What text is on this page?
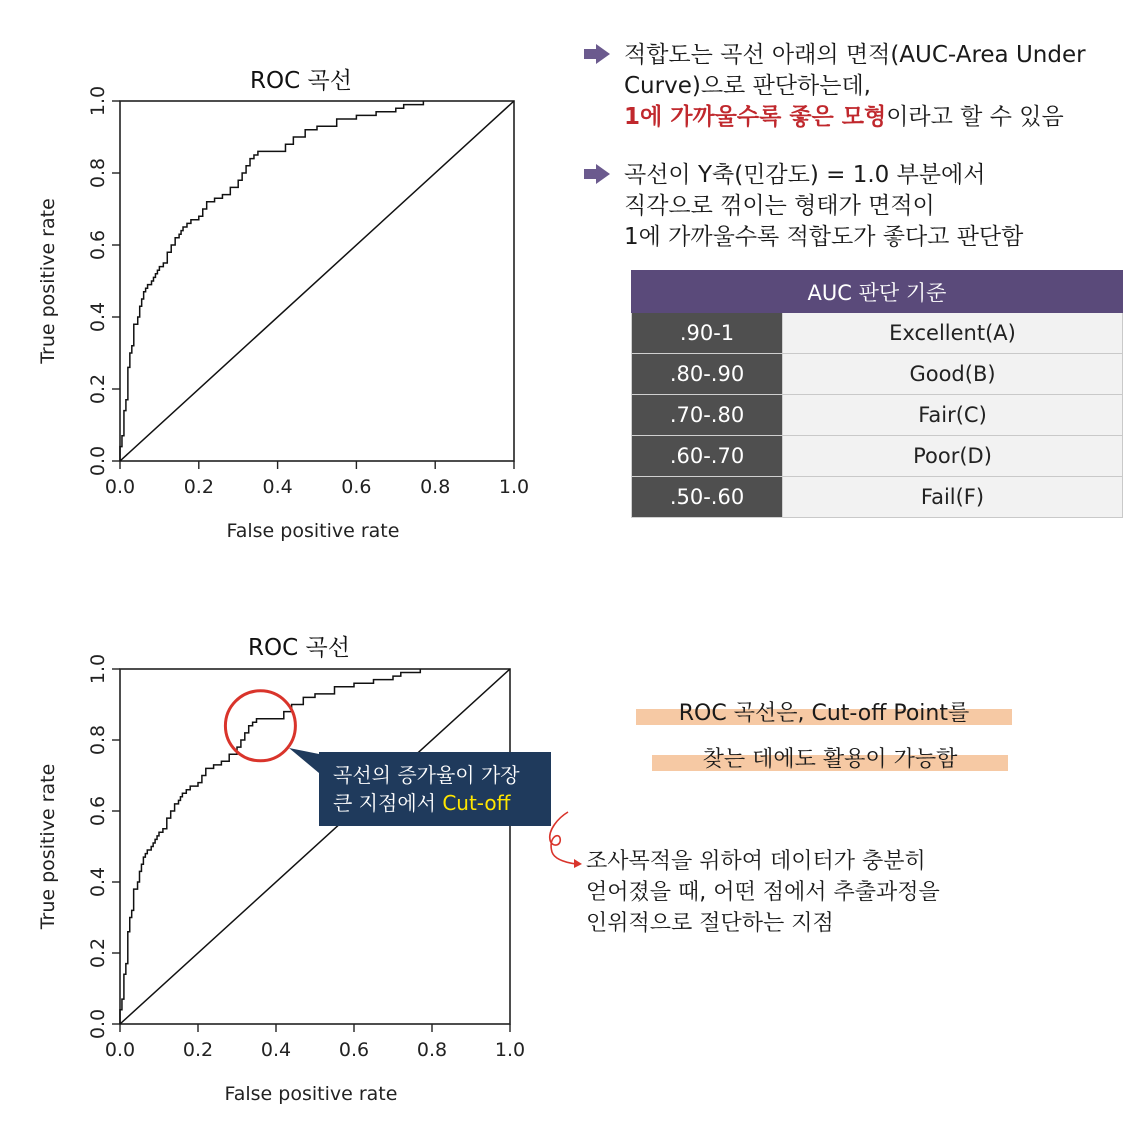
ROC 곡선
0.0	0.2	0.4	0.6	0.8	1.0
0.0
0.2
0.4
0.6
0.8
1.0
False positive rate
True positive rate
ROC 곡선
0.0	0.2	0.4	0.6	0.8	1.0
0.0
0.2
0.4
0.6
0.8
1.0
False positive rate
True positive rate
적합도는 곡선 아래의 면적(AUC-Area Under Curve)으로 판단하는데,
1에 가까울수록 좋은 모형이라고 할 수 있음
곡선이 Y축(민감도) = 1.0 부분에서
직각으로 꺾이는 형태가 면적이
1에 가까울수록 적합도가 좋다고 판단함
AUC 판단 기준	
.90-1	Excellent(A)
.80-.90	Good(B)
.70-.80	Fair(C)
.60-.70	Poor(D)
.50-.60	Fail(F)
ROC 곡선은, Cut-off Point를
찾는 데에도 활용이 가능함
곡선의 증가율이 가장
큰 지점에서 Cut-off
조사목적을 위하여 데이터가 충분히
얻어졌을 때, 어떤 점에서 추출과정을
인위적으로 절단하는 지점
